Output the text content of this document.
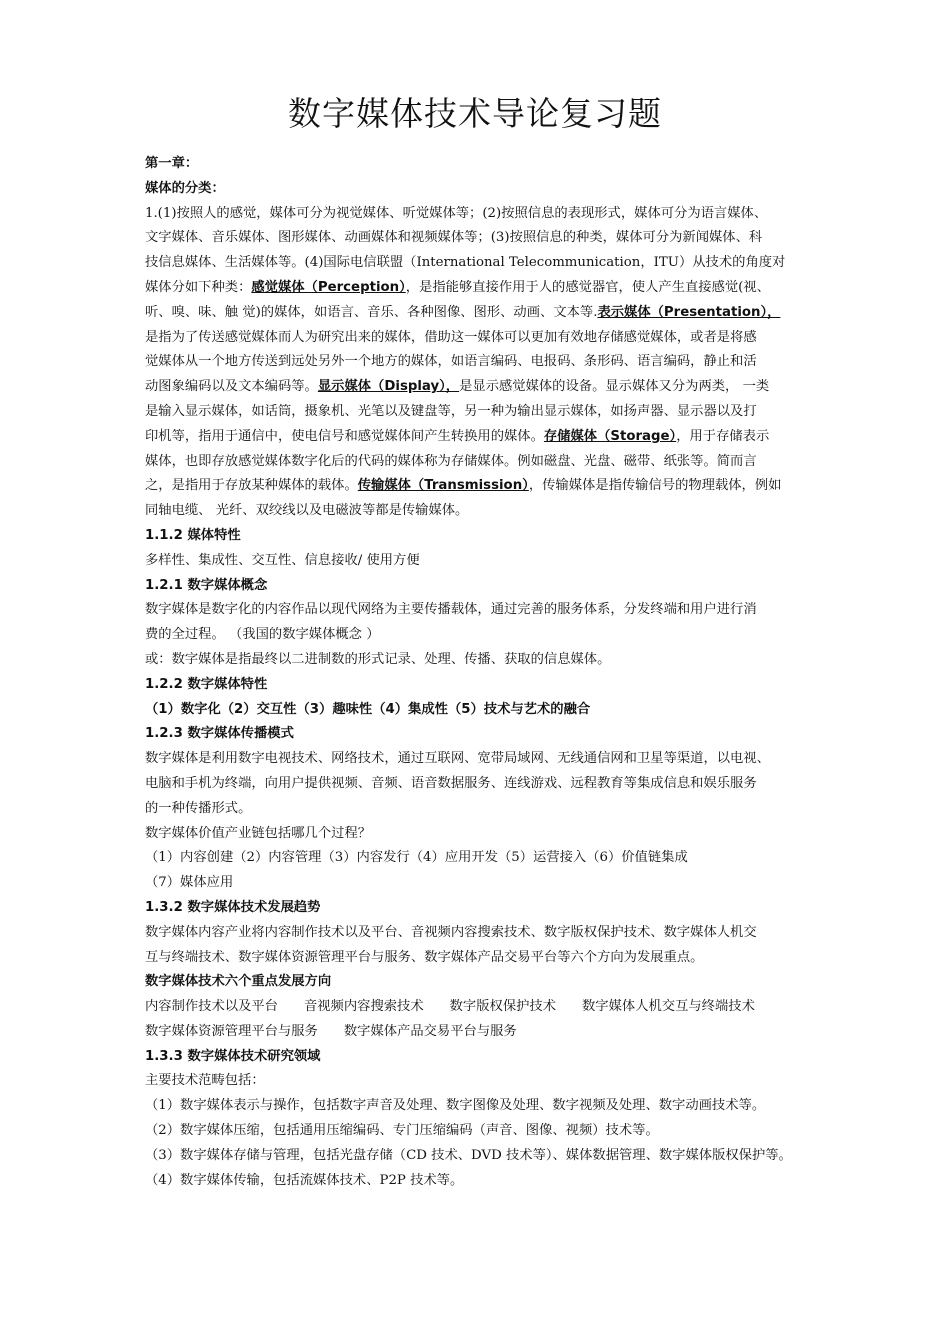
数字媒体技术导论复习题
第一章：
媒体的分类：
1.(1)按照人的感觉，媒体可分为视觉媒体、听觉媒体等；(2)按照信息的表现形式，媒体可分为语言媒体、
文字媒体、音乐媒体、图形媒体、动画媒体和视频媒体等；(3)按照信息的种类，媒体可分为新闻媒体、科
技信息媒体、生活媒体等。(4)国际电信联盟（International Telecommunication，ITU）从技术的角度对
媒体分如下种类：感觉媒体（Perception），是指能够直接作用于人的感觉器官，使人产生直接感觉(视、
听、嗅、味、触 觉)的媒体，如语言、音乐、各种图像、图形、动画、文本等.表示媒体（Presentation），
是指为了传送感觉媒体而人为研究出来的媒体，借助这一媒体可以更加有效地存储感觉媒体，或者是将感
觉媒体从一个地方传送到远处另外一个地方的媒体，如语言编码、电报码、条形码、语言编码，静止和活
动图象编码以及文本编码等。显示媒体（Display），是显示感觉媒体的设备。显示媒体又分为两类， 一类
是输入显示媒体，如话筒，摄象机、光笔以及键盘等，另一种为输出显示媒体，如扬声器、显示器以及打
印机等，指用于通信中，使电信号和感觉媒体间产生转换用的媒体。存储媒体（Storage），用于存储表示
媒体，也即存放感觉媒体数字化后的代码的媒体称为存储媒体。例如磁盘、光盘、磁带、纸张等。简而言
之，是指用于存放某种媒体的载体。传输媒体（Transmission），传输媒体是指传输信号的物理载体，例如
同轴电缆、 光纤、双绞线以及电磁波等都是传输媒体。
1.1.2 媒体特性
多样性、集成性、交互性、信息接收/ 使用方便
1.2.1 数字媒体概念
数字媒体是数字化的内容作品以现代网络为主要传播载体，通过完善的服务体系，分发终端和用户进行消
费的全过程。 （我国的数字媒体概念 ）
或：数字媒体是指最终以二进制数的形式记录、处理、传播、获取的信息媒体。
1.2.2 数字媒体特性
（1）数字化（2）交互性（3）趣味性（4）集成性（5）技术与艺术的融合
1.2.3 数字媒体传播模式
数字媒体是利用数字电视技术、网络技术，通过互联网、宽带局域网、无线通信网和卫星等渠道，以电视、
电脑和手机为终端，向用户提供视频、音频、语音数据服务、连线游戏、远程教育等集成信息和娱乐服务
的一种传播形式。
数字媒体价值产业链包括哪几个过程？
（1）内容创建（2）内容管理（3）内容发行（4）应用开发（5）运营接入（6）价值链集成
（7）媒体应用
1.3.2 数字媒体技术发展趋势
数字媒体内容产业将内容制作技术以及平台、音视频内容搜索技术、数字版权保护技术、数字媒体人机交
互与终端技术、数字媒体资源管理平台与服务、数字媒体产品交易平台等六个方向为发展重点。
数字媒体技术六个重点发展方向
内容制作技术以及平台 音视频内容搜索技术 数字版权保护技术 数字媒体人机交互与终端技术
数字媒体资源管理平台与服务 数字媒体产品交易平台与服务
1.3.3 数字媒体技术研究领域
主要技术范畴包括：
（1）数字媒体表示与操作，包括数字声音及处理、数字图像及处理、数字视频及处理、数字动画技术等。
（2）数字媒体压缩，包括通用压缩编码、专门压缩编码（声音、图像、视频）技术等。
（3）数字媒体存储与管理，包括光盘存储（CD 技术、DVD 技术等）、媒体数据管理、数字媒体版权保护等。
（4）数字媒体传输，包括流媒体技术、P2P 技术等。
